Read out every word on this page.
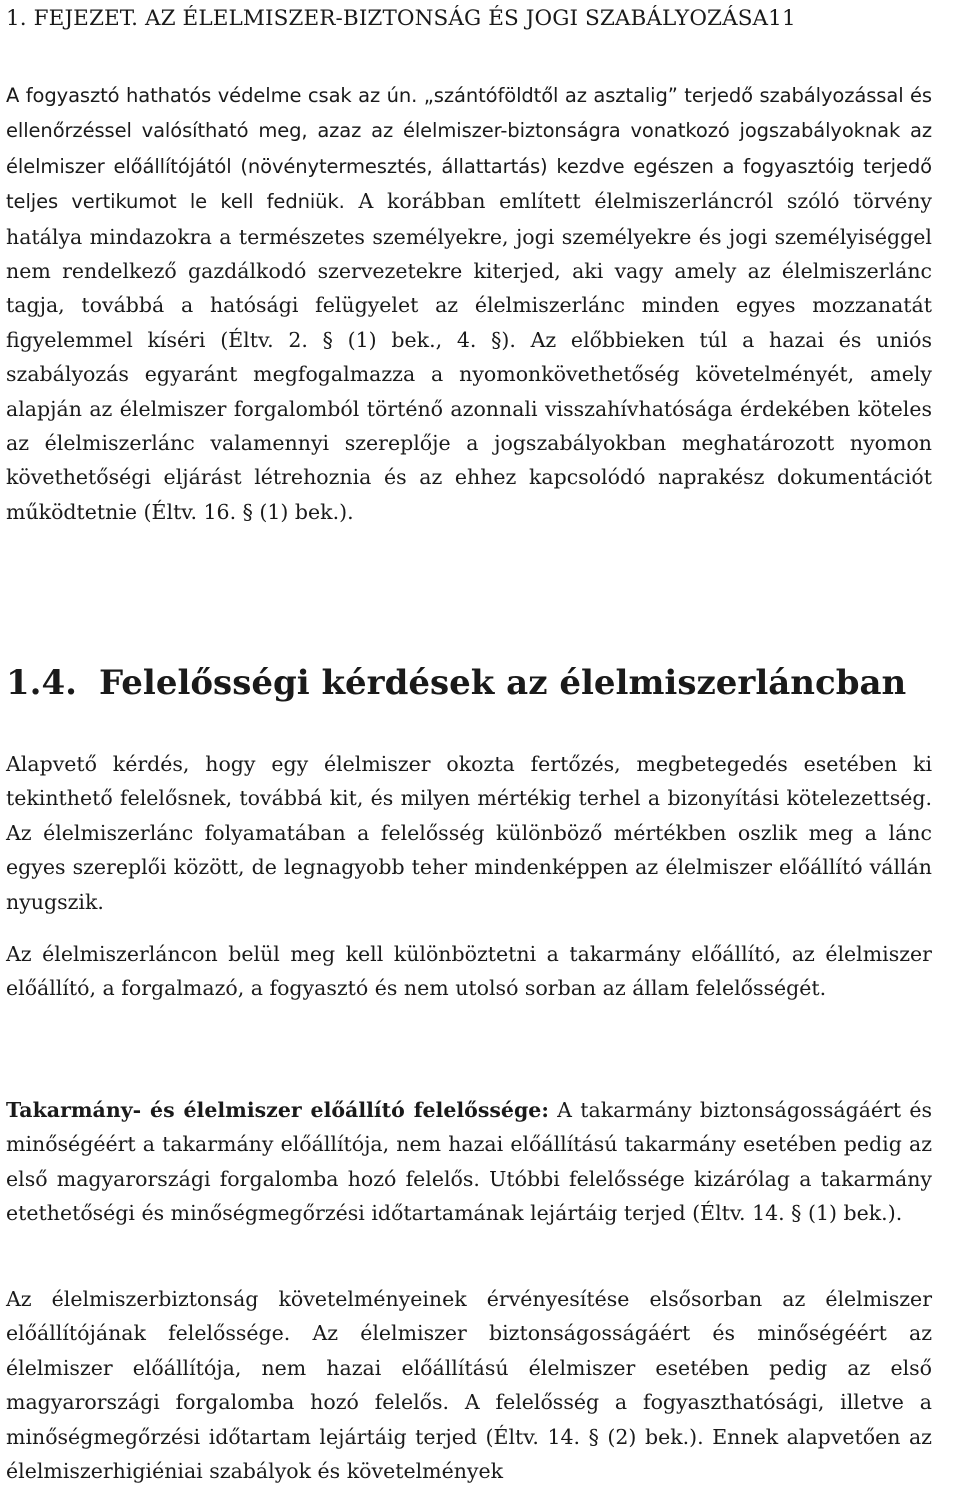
1. FEJEZET. AZ ÉLELMISZER-BIZTONSÁG ÉS JOGI SZABÁLYOZÁSA11

A fogyasztó hathatós védelme csak az ún. „szántóföldtől az asztalig” terjedő szabályozással és ellenőrzéssel valósítható meg, azaz az élelmiszer-biztonságra vonatkozó jogszabályoknak az élelmiszer előállítójától (növénytermesztés, állattartás) kezdve egészen a fogyasztóig terjedő teljes vertikumot le kell fedniük. A korábban említett élelmiszerláncról szóló törvény hatálya mindazokra a természetes személyekre, jogi személyekre és jogi személyiséggel nem rendelkező gazdálkodó szervezetekre kiterjed, aki vagy amely az élelmiszerlánc tagja, továbbá a hatósági felügyelet az élelmiszerlánc minden egyes mozzanatát figyelemmel kíséri (Éltv. 2. § (1) bek., 4. §). Az előbbieken túl a hazai és uniós szabályozás egyaránt megfogalmazza a nyomonkövethetőség követelményét, amely alapján az élelmiszer forgalomból történő azonnali visszahívhatósága érdekében köteles az élelmiszerlánc valamennyi szereplője a jogszabályokban meghatározott nyomon követhetőségi eljárást létrehoznia és az ehhez kapcsolódó naprakész dokumentációt működtetnie (Éltv. 16. § (1) bek.).

1.4. Felelősségi kérdések az élelmiszerláncban

Alapvető kérdés, hogy egy élelmiszer okozta fertőzés, megbetegedés esetében ki tekinthető felelősnek, továbbá kit, és milyen mértékig terhel a bizonyítási kötelezettség. Az élelmiszerlánc folyamatában a felelősség különböző mértékben oszlik meg a lánc egyes szereplői között, de legnagyobb teher mindenképpen az élelmiszer előállító vállán nyugszik.

Az élelmiszerláncon belül meg kell különböztetni a takarmány előállító, az élelmiszer előállító, a forgalmazó, a fogyasztó és nem utolsó sorban az állam felelősségét.

Takarmány- és élelmiszer előállító felelőssége: A takarmány biztonságosságáért és minőségéért a takarmány előállítója, nem hazai előállítású takarmány esetében pedig az első magyarországi forgalomba hozó felelős. Utóbbi felelőssége kizárólag a takarmány etethetőségi és minőségmegőrzési időtartamának lejártáig terjed (Éltv. 14. § (1) bek.).

Az élelmiszerbiztonság követelményeinek érvényesítése elsősorban az élelmiszer előállítójának felelőssége. Az élelmiszer biztonságosságáért és minőségéért az élelmiszer előállítója, nem hazai előállítású élelmiszer esetében pedig az első magyarországi forgalomba hozó felelős. A felelősség a fogyaszthatósági, illetve a minőségmegőrzési időtartam lejártáig terjed (Éltv. 14. § (2) bek.). Ennek alapvetően az élelmiszerhigiéniai szabályok és követelmények
